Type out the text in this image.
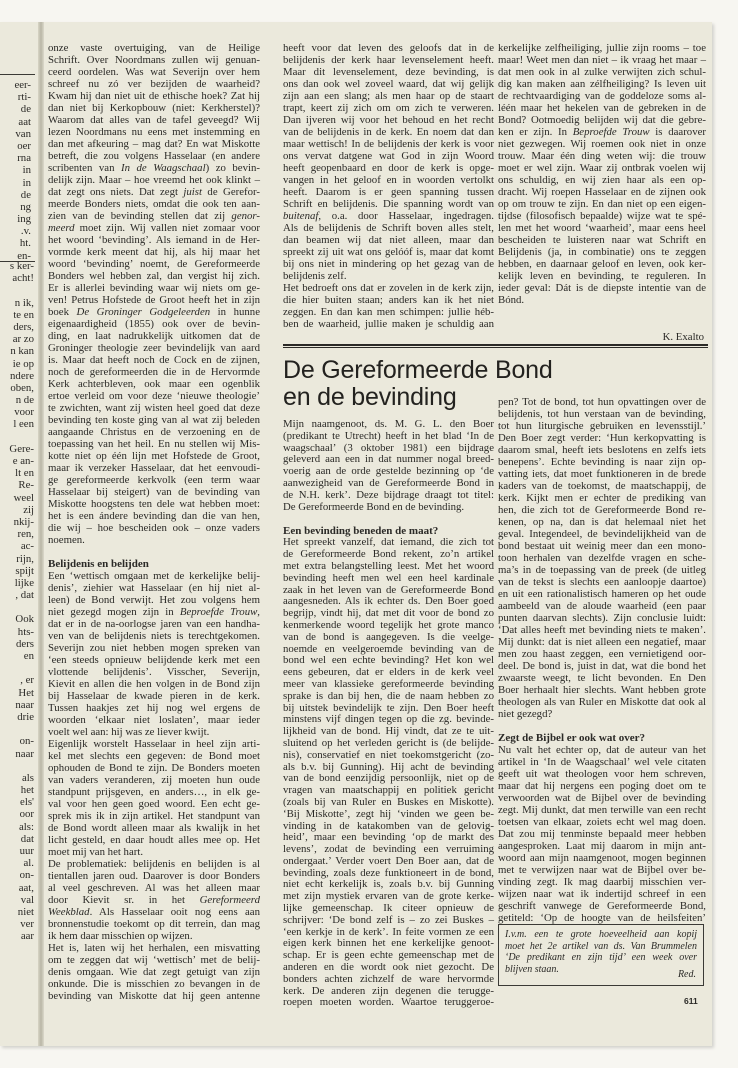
eer-
rti-
de
aat
van
oer
rna
in
in
de
ng
ing
.v.
ht.
en-
s ker-
acht!

n ik,
te en
ders,
ar zo
n kan
ie op
ndere
oben,
n de
voor
l een

Gere-
e an-
lt en
Re-
weel
zij
nkij-
ren,
ac-
rijn,
spijt
lijke
, dat

Ook
hts-
ders
en

, er
Het
naar
drie

on-
naar

als
het
els'
oor
als:
dat
uur
al.
on-
aat,
val
niet
ver
aar
onze vaste overtuiging, van de Heilige
Schrift. Over Noordmans zullen wij genuan-
ceerd oordelen. Was wat Severijn over hem
schreef nu zó ver bezijden de waarheid?
Kwam hij dan niet uit de ethische hoek? Zat hij
dan niet bij Kerkopbouw (niet: Kerkherstel)?
Waarom dat alles van de tafel geveegd? Wij
lezen Noordmans nu eens met instemming en
dan met afkeuring – mag dat? En wat Miskotte
betreft, die zou volgens Hasselaar (en andere
scribenten van In de Waagschaal) zo bevin-
delijk zijn. Maar – hoe vreemd het ook klinkt –
dat zegt ons niets. Dat zegt juist de Gerefor-
meerde Bonders niets, omdat die ook ten aan-
zien van de bevinding stellen dat zij genor-
meerd moet zijn. Wij vallen niet zomaar voor
het woord ‘bevinding’. Als iemand in de Her-
vormde kerk meent dat hij, als hij maar het
woord ‘bevinding’ noemt, de Gereformeerde
Bonders wel hebben zal, dan vergist hij zich.
Er is allerlei bevinding waar wij niets om ge-
ven! Petrus Hofstede de Groot heeft het in zijn
boek De Groninger Godgeleerden in hunne
eigenaardigheid (1855) ook over de bevin-
ding, en laat nadrukkelijk uitkomen dat de
Groninger theologie zeer bevindelijk van aard
is. Maar dat heeft noch de Cock en de zijnen,
noch de gereformeerden die in de Hervormde
Kerk achterbleven, ook maar een ogenblik
ertoe verleid om voor deze ‘nieuwe theologie’
te zwichten, want zij wisten heel goed dat deze
bevinding ten koste ging van al wat zij beleden
aangaande Christus en de verzoening en de
toepassing van het heil. En nu stellen wij Mis-
kotte niet op één lijn met Hofstede de Groot,
maar ik verzeker Hasselaar, dat het eenvoudi-
ge gereformeerde kerkvolk (een term waar
Hasselaar bij steigert) van de bevinding van
Miskotte hoogstens ten dele wat hebben moet:
het is een ándere bevinding dan die van hen,
die wij – hoe bescheiden ook – onze vaders
noemen.
Belijdenis en belijden
Een ‘wettisch omgaan met de kerkelijke belij-
denis’, ziehier wat Hasselaar (en hij niet al-
leen) de Bond verwijt. Het zou volgens hem
niet gezegd mogen zijn in Beproefde Trouw,
dat er in de na-oorlogse jaren van een handha-
ven van de belijdenis niets is terechtgekomen.
Severijn zou niet hebben mogen spreken van
‘een steeds opnieuw belijdende kerk met een
vlottende belijdenis’. Visscher, Severijn,
Kievit en allen die hen volgen in de Bond zijn
bij Hasselaar de kwade pieren in de kerk.
Tussen haakjes zet hij nog wel ergens de
woorden ‘elkaar niet loslaten’, maar ieder
voelt wel aan: hij was ze liever kwijt.
Eigenlijk worstelt Hasselaar in heel zijn arti-
kel met slechts een gegeven: de Bond moet
ophouden de Bond te zijn. De Bonders moeten
van vaders veranderen, zij moeten hun oude
standpunt prijsgeven, en anders…, in elk ge-
val voor hen geen goed woord. Een echt ge-
sprek mis ik in zijn artikel. Het standpunt van
de Bond wordt alleen maar als kwalijk in het
licht gesteld, en daar houdt alles mee op. Het
moet mij van het hart.
De problematiek: belijdenis en belijden is al
tientallen jaren oud. Daarover is door Bonders
al veel geschreven. Al was het alleen maar
door Kievit sr. in het Gereformeerd
Weekblad. Als Hasselaar ooit nog eens aan
bronnenstudie toekomt op dit terrein, dan mag
ik hem daar misschien op wijzen.
Het is, laten wij het herhalen, een misvatting
om te zeggen dat wij ‘wettisch’ met de belij-
denis omgaan. Wie dat zegt getuigt van zijn
onkunde. Die is misschien zo bevangen in de
bevinding van Miskotte dat hij geen antenne
heeft voor dat leven des geloofs dat in de
belijdenis der kerk haar levenselement heeft.
Maar dit levenselement, deze bevinding, is
ons dan ook wel zoveel waard, dat wij gelijk
zijn aan een slang; als men haar op de staart
trapt, keert zij zich om om zich te verweren.
Dan ijveren wij voor het behoud en het recht
van de belijdenis in de kerk. En noem dat dan
maar wettisch! In de belijdenis der kerk is voor
ons vervat datgene wat God in zijn Woord
heeft geopenbaard en door de kerk is opge-
vangen in het geloof en in woorden vertolkt
heeft. Daarom is er geen spanning tussen
Schrift en belijdenis. Die spanning wordt van
buitenaf, o.a. door Hasselaar, ingedragen.
Als de belijdenis de Schrift boven alles stelt,
dan beamen wij dat niet alleen, maar dan
spreekt zij uit wat ons gelóóf is, maar dat komt
bij ons niet in mindering op het gezag van de
belijdenis zelf.
Het bedroeft ons dat er zovelen in de kerk zijn,
die hier buiten staan; anders kan ik het niet
zeggen. En dan kan men schimpen: jullie héb-
ben de waarheid, jullie maken je schuldig aan
kerkelijke zelfheiliging, jullie zijn rooms – toe
maar! Weet men dan niet – ik vraag het maar –
dat men ook in al zulke verwijten zich schul-
dig kan maken aan zélfheiliging? Is leven uit
de rechtvaardiging van de goddeloze soms al-
léén maar het hekelen van de gebreken in de
Bond? Ootmoedig belijden wij dat die gebre-
ken er zijn. In Beproefde Trouw is daarover
niet gezwegen. Wij roemen ook niet in onze
trouw. Maar één ding weten wij: die trouw
moet er wel zijn. Waar zij ontbrak voelen wij
ons schuldig, en wij zien haar als een op-
dracht. Wij roepen Hasselaar en de zijnen ook
op om trouw te zijn. En dan niet op een eigen-
tijdse (filosofisch bepaalde) wijze wat te spé-
len met het woord ‘waarheid’, maar eens heel
bescheiden te luisteren naar wat Schrift en
Belijdenis (ja, in combinatie) ons te zeggen
hebben, en daarnaar geloof en leven, ook ker-
kelijk leven en bevinding, te reguleren. In
ieder geval: Dát is de diepste intentie van de
Bónd.
K. Exalto
De Gereformeerde Bond
en de bevinding
Mijn naamgenoot, ds. M. G. L. den Boer
(predikant te Utrecht) heeft in het blad ‘In de
waagschaal’ (3 oktober 1981) een bijdrage
geleverd aan een in dat nummer nogal breed-
voerig aan de orde gestelde bezinning op ‘de
aanwezigheid van de Gereformeerde Bond in
de N.H. kerk’. Deze bijdrage draagt tot titel:
De Gereformeerde Bond en de bevinding.
Een bevinding beneden de maat?
Het spreekt vanzelf, dat iemand, die zich tot
de Gereformeerde Bond rekent, zo’n artikel
met extra belangstelling leest. Met het woord
bevinding heeft men wel een heel kardinale
zaak in het leven van de Gereformeerde Bond
aangesneden. Als ik echter ds. Den Boer goed
begrijp, vindt hij, dat met dit voor de bond zo
kenmerkende woord tegelijk het grote manco
van de bond is aangegeven. Is die veelge-
noemde en veelgeroemde bevinding van de
bond wel een echte bevinding? Het kon wel
eens gebeuren, dat er elders in de kerk veel
meer van klassieke gereformeerde bevinding
sprake is dan bij hen, die de naam hebben zo
bij uitstek bevindelijk te zijn. Den Boer heeft
minstens vijf dingen tegen op die zg. bevinde-
lijkheid van de bond. Hij vindt, dat ze te uit-
sluitend op het verleden gericht is (de belijde-
nis), conservatief en niet toekomstgericht (zo-
als b.v. bij Gunning). Hij acht de bevinding
van de bond eenzijdig persoonlijk, niet op de
vragen van maatschappij en politiek gericht
(zoals bij van Ruler en Buskes en Miskotte).
‘Bij Miskotte’, zegt hij ‘vinden we geen be-
vinding in de katakomben van de gelovig-
heid’, maar een bevinding ‘op de markt des
levens’, zodat de bevinding een verruiming
ondergaat.’ Verder voert Den Boer aan, dat de
bevinding, zoals deze funktioneert in de bond,
niet echt kerkelijk is, zoals b.v. bij Gunning
met zijn mystiek ervaren van de grote kerke-
lijke gemeenschap. Ik citeer opnieuw de
schrijver: ‘De bond zelf is – zo zei Buskes –
‘een kerkje in de kerk’. In feite vormen ze een
eigen kerk binnen het ene kerkelijke genoot-
schap. Er is geen echte gemeenschap met de
anderen en die wordt ook niet gezocht. De
bonders achten zichzelf de ware hervormde
kerk. De anderen zijn degenen die terugge-
roepen moeten worden. Waartoe teruggeroe-
pen? Tot de bond, tot hun opvattingen over de
belijdenis, tot hun verstaan van de bevinding,
tot hun liturgische gebruiken en levensstijl.’
Den Boer zegt verder: ‘Hun kerkopvatting is
daarom smal, heeft iets beslotens en zelfs iets
benepens’. Echte bevinding is naar zijn op-
vatting iets, dat moet funktioneren in de brede
kaders van de toekomst, de maatschappij, de
kerk. Kijkt men er echter de prediking van
hen, die zich tot de Gereformeerde Bond re-
kenen, op na, dan is dat helemaal niet het
geval. Integendeel, de bevindelijkheid van de
bond bestaat uit weinig meer dan een mono-
toon herhalen van dezelfde vragen en sche-
ma’s in de toepassing van de preek (de uitleg
van de tekst is slechts een aanloopje daartoe)
en uit een rationalistisch hameren op het oude
aambeeld van de aloude waarheid (een paar
punten daarvan slechts). Zijn conclusie luidt:
‘Dat alles heeft met bevinding niets te maken’.
Mij dunkt: dat is niet alleen een negatief, maar
men zou haast zeggen, een vernietigend oor-
deel. De bond is, juist in dat, wat die bond het
zwaarste weegt, te licht bevonden. En Den
Boer herhaalt hier slechts. Want hebben grote
theologen als van Ruler en Miskotte dat ook al
niet gezegd?
Zegt de Bijbel er ook wat over?
Nu valt het echter op, dat de auteur van het
artikel in ‘In de Waagschaal’ wel vele citaten
geeft uit wat theologen voor hem schreven,
maar dat hij nergens een poging doet om te
verwoorden wat de Bijbel over de bevinding
zegt. Mij dunkt, dat men terwille van een recht
toetsen van elkaar, zoiets echt wel mag doen.
Dat zou mij tenminste bepaald meer hebben
aangesproken. Laat mij daarom in mijn ant-
woord aan mijn naamgenoot, mogen beginnen
met te verwijzen naar wat de Bijbel over be-
vinding zegt. Ik mag daarbij misschien ver-
wijzen naar wat ik indertijd schreef in een
geschrift vanwege de Gereformeerde Bond,
getiteld: ‘Op de hoogte van de heilsfeiten’
I.v.m. een te grote hoeveelheid aan kopij
moet het 2e artikel van ds. Van Brummelen
‘De predikant en zijn tijd’ een week over
blijven staan.	Red.
611
